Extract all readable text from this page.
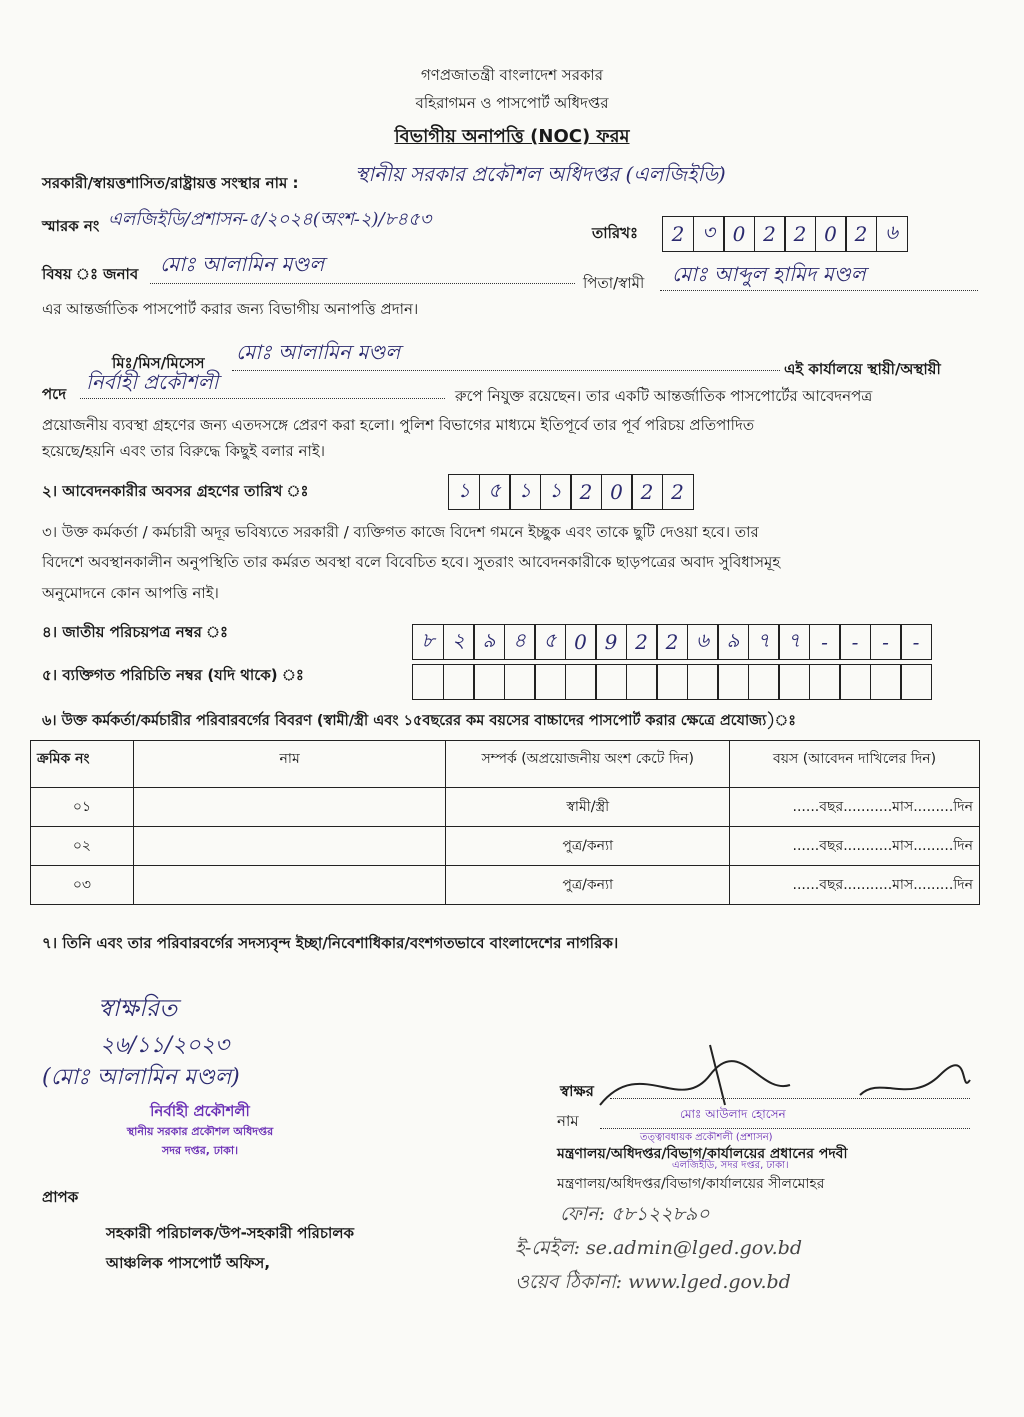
গণপ্রজাতন্ত্রী বাংলাদেশ সরকার
বহিরাগমন ও পাসপোর্ট অধিদপ্তর
বিভাগীয় অনাপত্তি (NOC) ফরম
সরকারী/স্বায়ত্তশাসিত/রাষ্ট্রায়ত্ত সংস্থার নাম :	স্থানীয় সরকার প্রকৌশল অধিদপ্তর (এলজিইডি)
স্মারক নং এলজিইডি/প্রশাসন-৫/২০২৪(অংশ-২)/৮৪৫৩
তারিখঃ	2 ৩ 0 2 2 0 2 ৬
বিষয় ঃ জনাব মোঃ আলামিন মণ্ডল
পিতা/স্বামী মোঃ আব্দুল হামিদ মণ্ডল
এর আন্তর্জাতিক পাসপোর্ট করার জন্য বিভাগীয় অনাপত্তি প্রদান।
মিঃ/মিস/মিসেস মোঃ আলামিন মণ্ডল
এই কার্যালয়ে স্থায়ী/অস্থায়ী
পদে নির্বাহী প্রকৌশলী
রুপে নিযুক্ত রয়েছেন। তার একটি আন্তর্জাতিক পাসপোর্টের আবেদনপত্র
প্রয়োজনীয় ব্যবস্থা গ্রহণের জন্য এতদসঙ্গে প্রেরণ করা হলো। পুলিশ বিভাগের মাধ্যমে ইতিপূর্বে তার পূর্ব পরিচয় প্রতিপাদিত
হয়েছে/হয়নি এবং তার বিরুদ্ধে কিছুই বলার নাই।
২। আবেদনকারীর অবসর গ্রহণের তারিখ ঃ	১ ৫ ১ ১ 2 0 2 2
৩। উক্ত কর্মকর্তা / কর্মচারী অদূর ভবিষ্যতে সরকারী / ব্যক্তিগত কাজে বিদেশ গমনে ইচ্ছুক এবং তাকে ছুটি দেওয়া হবে। তার
বিদেশে অবস্থানকালীন অনুপস্থিতি তার কর্মরত অবস্থা বলে বিবেচিত হবে। সুতরাং আবেদনকারীকে ছাড়পত্রের অবাদ সুবিধাসমূহ
অনুমোদনে কোন আপত্তি নাই।
৪। জাতীয় পরিচয়পত্র নম্বর ঃ	৮ ২ ৯ ৪ ৫ 0 9 2 2 ৬ ৯ ৭ ৭	-	-	-	-
৫। ব্যক্তিগত পরিচিতি নম্বর (যদি থাকে) ঃ
৬। উক্ত কর্মকর্তা/কর্মচারীর পরিবারবর্গের বিবরণ (স্বামী/স্ত্রী এবং ১৫বছরের কম বয়সের বাচ্চাদের পাসপোর্ট করার ক্ষেত্রে প্রযোজ্য)ঃ
ক্রমিক নং	নাম	সম্পর্ক (অপ্রয়োজনীয় অংশ কেটে দিন)	বয়স (আবেদন দাখিলের দিন)
০১		স্বামী/স্ত্রী	......বছর...........মাস.........দিন
০২		পুত্র/কন্যা	......বছর...........মাস.........দিন
০৩		পুত্র/কন্যা	......বছর...........মাস.........দিন
৭। তিনি এবং তার পরিবারবর্গের সদস্যবৃন্দ ইচ্ছা/নিবেশাধিকার/বংশগতভাবে বাংলাদেশের নাগরিক।
স্বাক্ষরিত
২৬/১১/২০২৩
(মোঃ আলামিন মণ্ডল)
নির্বাহী প্রকৌশলী
স্থানীয় সরকার প্রকৌশল অধিদপ্তর
সদর দপ্তর, ঢাকা।
স্বাক্ষর
নাম	মোঃ আউলাদ হোসেন
তত্ত্বাবধায়ক প্রকৌশলী (প্রশাসন)
মন্ত্রণালয়/অধিদপ্তর/বিভাগ/কার্যালয়ের প্রধানের পদবী
এলজিইডি, সদর দপ্তর, ঢাকা।
মন্ত্রণালয়/অধিদপ্তর/বিভাগ/কার্যালয়ের সীলমোহর
ফোন: ৫৮১২২৮৯০
ই-মেইল: se.admin@lged.gov.bd
ওয়েব ঠিকানা: www.lged.gov.bd
প্রাপক
সহকারী পরিচালক/উপ-সহকারী পরিচালক
আঞ্চলিক পাসপোর্ট অফিস,
